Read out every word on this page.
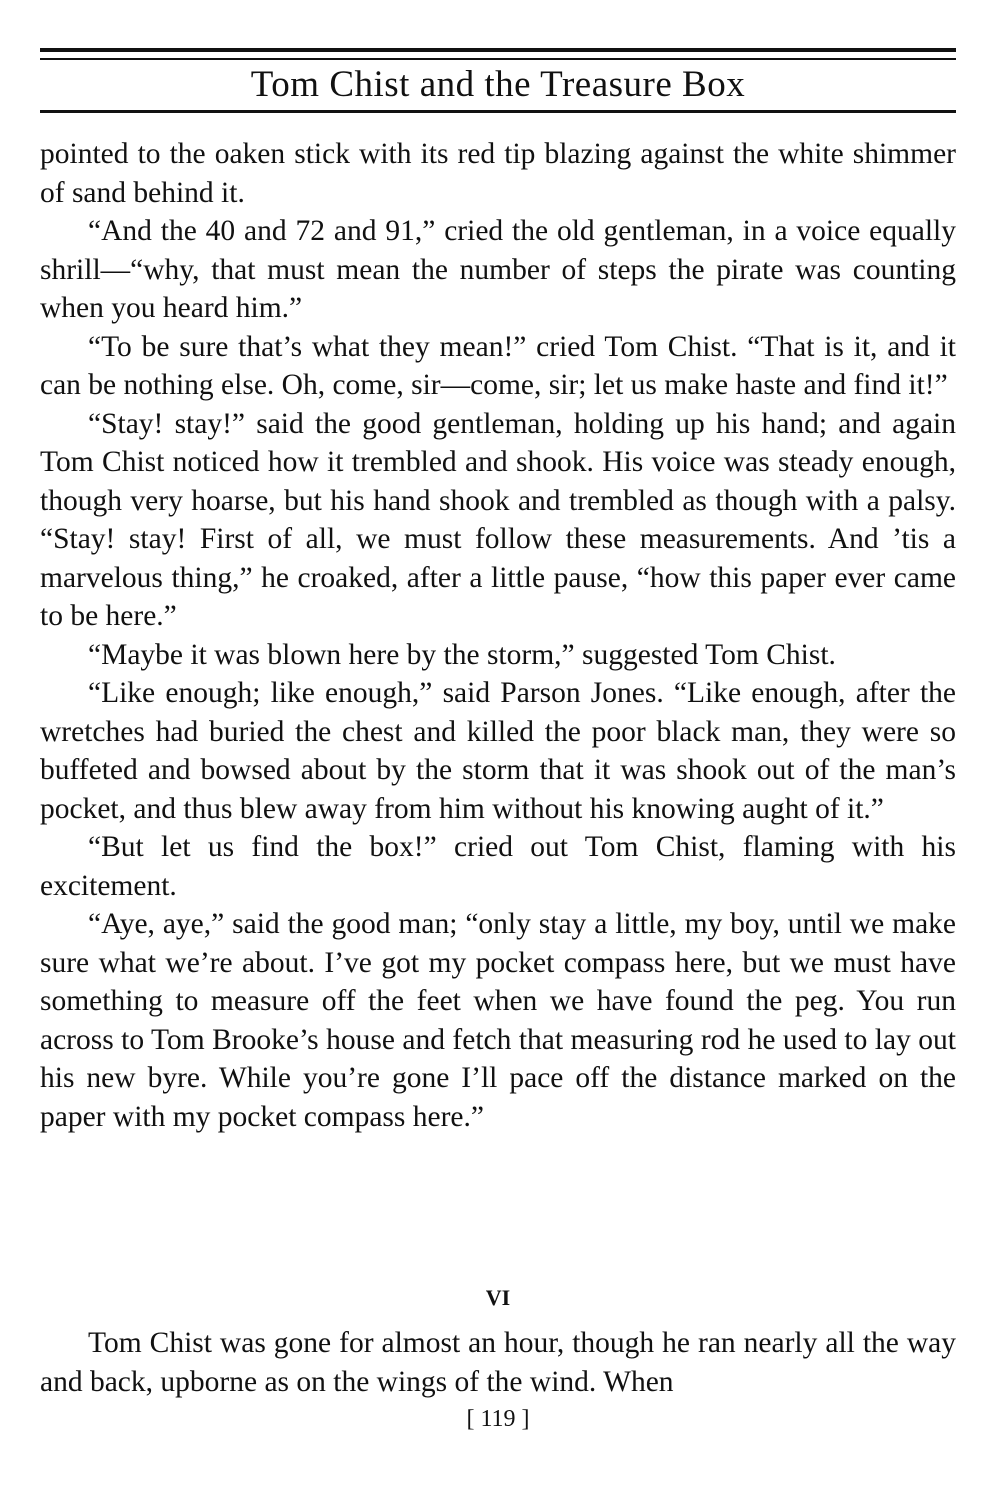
Tom Chist and the Treasure Box

pointed to the oaken stick with its red tip blazing against the white shimmer of sand behind it.

“And the 40 and 72 and 91,” cried the old gentleman, in a voice equally shrill—“why, that must mean the number of steps the pirate was counting when you heard him.”

“To be sure that’s what they mean!” cried Tom Chist. “That is it, and it can be nothing else. Oh, come, sir—come, sir; let us make haste and find it!”

“Stay! stay!” said the good gentleman, holding up his hand; and again Tom Chist noticed how it trembled and shook. His voice was steady enough, though very hoarse, but his hand shook and trembled as though with a palsy. “Stay! stay! First of all, we must follow these measurements. And ’tis a marvelous thing,” he croaked, after a little pause, “how this paper ever came to be here.”

“Maybe it was blown here by the storm,” suggested Tom Chist.

“Like enough; like enough,” said Parson Jones. “Like enough, after the wretches had buried the chest and killed the poor black man, they were so buffeted and bowsed about by the storm that it was shook out of the man’s pocket, and thus blew away from him without his knowing aught of it.”

“But let us find the box!” cried out Tom Chist, flaming with his excitement.

“Aye, aye,” said the good man; “only stay a little, my boy, until we make sure what we’re about. I’ve got my pocket compass here, but we must have something to measure off the feet when we have found the peg. You run across to Tom Brooke’s house and fetch that measuring rod he used to lay out his new byre. While you’re gone I’ll pace off the distance marked on the paper with my pocket compass here.”

VI

Tom Chist was gone for almost an hour, though he ran nearly all the way and back, upborne as on the wings of the wind. When

[ 119 ]
